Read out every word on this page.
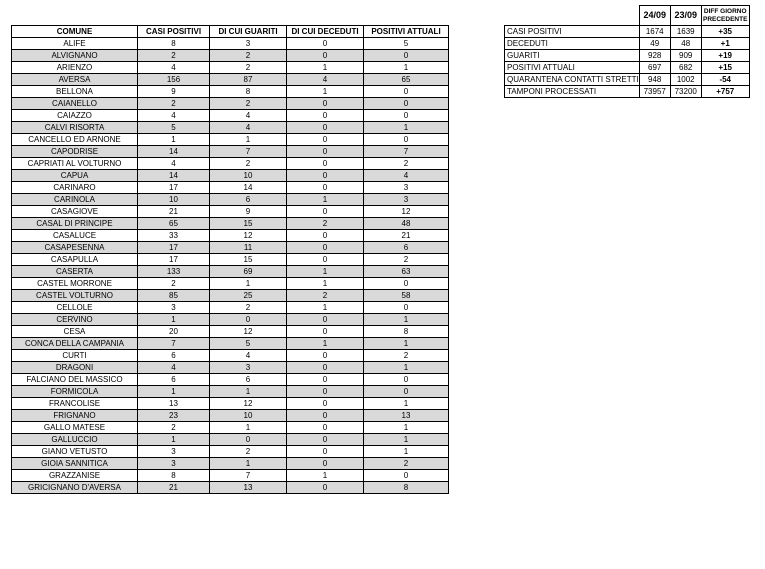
COMUNE	CASI POSITIVI	DI CUI GUARITI	DI CUI DECEDUTI	POSITIVI ATTUALI
ALIFE	8	3	0	5
ALVIGNANO	2	2	0	0
ARIENZO	4	2	1	1
AVERSA	156	87	4	65
BELLONA	9	8	1	0
CAIANELLO	2	2	0	0
CAIAZZO	4	4	0	0
CALVI RISORTA	5	4	0	1
CANCELLO ED ARNONE	1	1	0	0
CAPODRISE	14	7	0	7
CAPRIATI AL VOLTURNO	4	2	0	2
CAPUA	14	10	0	4
CARINARO	17	14	0	3
CARINOLA	10	6	1	3
CASAGIOVE	21	9	0	12
CASAL DI PRINCIPE	65	15	2	48
CASALUCE	33	12	0	21
CASAPESENNA	17	11	0	6
CASAPULLA	17	15	0	2
CASERTA	133	69	1	63
CASTEL MORRONE	2	1	1	0
CASTEL VOLTURNO	85	25	2	58
CELLOLE	3	2	1	0
CERVINO	1	0	0	1
CESA	20	12	0	8
CONCA DELLA CAMPANIA	7	5	1	1
CURTI	6	4	0	2
DRAGONI	4	3	0	1
FALCIANO DEL MASSICO	6	6	0	0
FORMICOLA	1	1	0	0
FRANCOLISE	13	12	0	1
FRIGNANO	23	10	0	13
GALLO MATESE	2	1	0	1
GALLUCCIO	1	0	0	1
GIANO VETUSTO	3	2	0	1
GIOIA SANNITICA	3	1	0	2
GRAZZANISE	8	7	1	0
GRICIGNANO D'AVERSA	21	13	0	8
	24/09	23/09	DIFF GIORNO PRECEDENTE
CASI POSITIVI	1674	1639	+35
DECEDUTI	49	48	+1
GUARITI	928	909	+19
POSITIVI ATTUALI	697	682	+15
QUARANTENA CONTATTI STRETTI	948	1002	-54
TAMPONI PROCESSATI	73957	73200	+757
